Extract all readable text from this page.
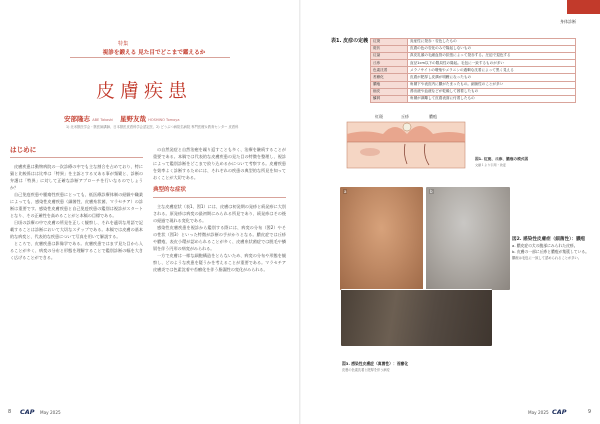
特集
視診を鍛える 見た目でどこまで鑑えるか
皮膚疾患
安部隆志 ABE Takashi 星野友哉 HOSHINO Tomoya
1) 北米獣医学会・獣医師講師、日本獣医皮膚科学会認定医、2) どうぶつ病院名病院 専門医療＆教育センター 皮膚科
はじめに

皮膚疾患は動物病院の一次診療の中でも主な割合を占めており、特に猫と比較係はは比率は「特異」を主訴とする又ある事が頻繁と、診断の弁護は「特異」に対して正確な診断アプローチを行いなるのでしょうか？

自己免疫疾患や腫瘍性疾患にとっても、低医療診療体制の経験や職業によっても、感染性皮膚疾患（細菌性、皮膚糸状菌、マラセチア）の診断は重要です。感染性皮膚疾患と自己免疫疾患の鑑別は視診がスタートとなり、その正確性を高めることがと本稿の目標である。

日頃の診療の中で皮膚の所見を正しく観察し、それを適切な用語で記載することは診断において大切なステップである。本稿では皮膚の基本的な病変と、代表的な疾患について写真を用いて解説する。

ところで、皮膚疾患は影像学である。皮膚疾患ではまず見た目から入ることが多く、病変の分布と形態を理解することで鑑別診断の幅を大きく広げることができる。

の自然発症と自然治癒を繰り返すことも多く、治療を継続することが重要である。本稿では代表的な皮膚疾患の見た目の特徴を整理し、視診によって鑑別診断をどこまで絞り込めるかについて考察する。皮膚疾患を効率よく診断するためには、それぞれの疾患の典型的な所見を知っておくことが大切である。

典型的な症状

主な皮膚症状（表1、図1）には、皮膚は初発期の発疹と続発疹に大別される。原発疹は病変の最初期にみられる所見であり、続発疹はその後の経過で現れる変化である。

感染性皮膚疾患を視診から鑑別する際には、病変の分布（図2）やその性状（図3）といった特徴が診断の手がかりとなる。膿皮症では丘疹や膿疱、表皮小環が認められることが多く、皮膚糸状菌症では脱毛や鱗屑を伴う円形の病変がみられる。

一方で皮膚は一様な細胞構造をとらないため、病変の分布や形態を観察し、どのような疾患を疑うかを考えることが重要である。マラセチア皮膚炎では色素沈着や苔癬化を伴う脂漏性の変化がみられる。

8 CAP May 2025
身体診断
表1. 皮疹の定義 紅斑	炎症性に発赤・変色したもの
斑状	皮膚の色の変化のみで隆起しないもの
紅暈	真皮乳頭の毛細血管の拡張によって発赤する。圧迫で退色する
丘疹	直径1cm以下の限局性の隆起。毛包に一致するものが多い
色素沈着	メラノサイトの増殖やメラニンの過剰な沈着によって黒く見える
苔癬化	皮膚が肥厚し皮溝が明瞭になったもの
膿疱	角層下や表皮内に膿がたまったもの。細菌性のことが多い
痂皮	滲出液や血液などが乾燥して固着したもの
鱗屑	角層が剥離して皮膚表面に付着したもの
紅斑	丘疹	膿疱
図1. 紅斑、丘疹、膿疱の模式図
文献１より引用・改変
a	b
図2. 感染性皮膚症（細菌性）：膿疱
a. 膿皮症の犬の腹部にみられた皮疹。
b. 皮膚の一部に丘疹と膿疱が集簇している。
膿疱は毛包に一致して認められることが多い。
図3. 感染性皮膚症（真菌性）：苔癬化
皮膚の色素沈着と肥厚を伴う病変
May 2025 CAP	9
